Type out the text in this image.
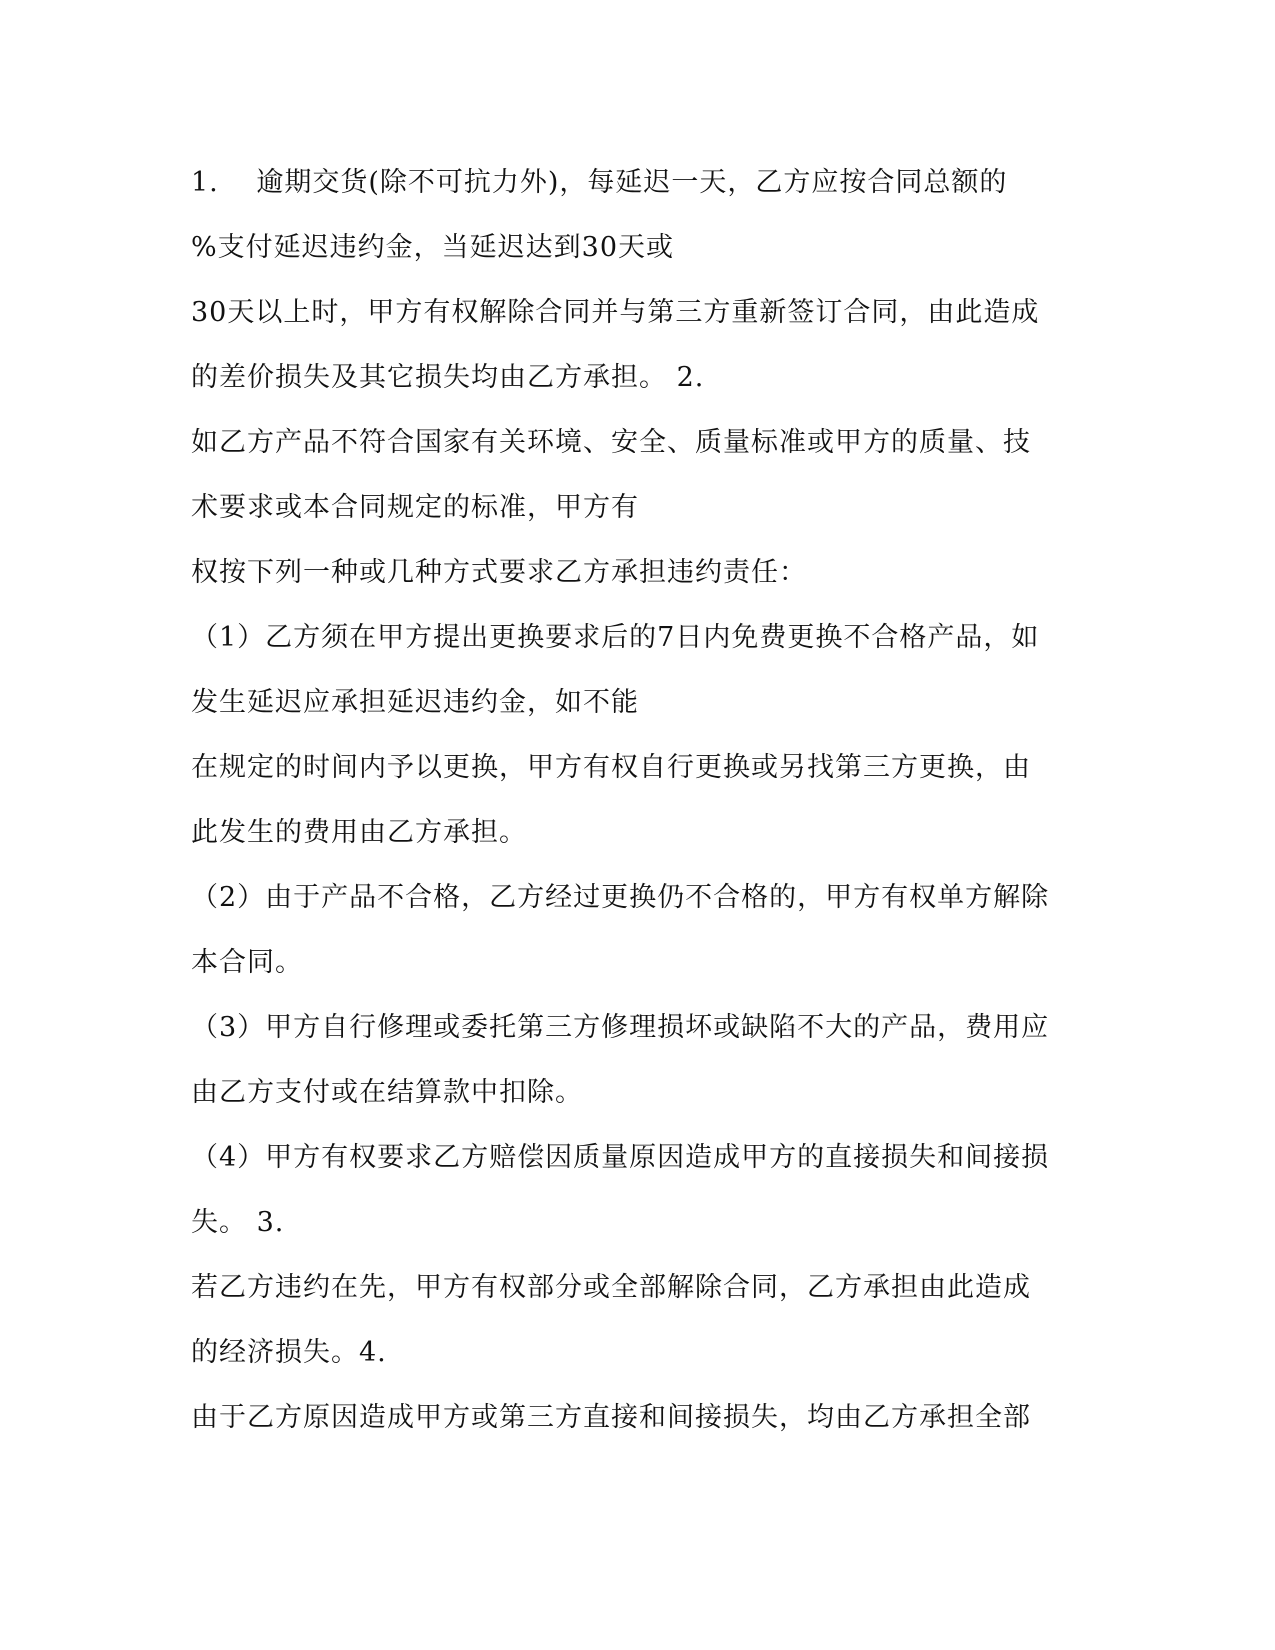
1.　 逾期交货(除不可抗力外)，每延迟一天，乙方应按合同总额的
%支付延迟违约金，当延迟达到30天或
30天以上时，甲方有权解除合同并与第三方重新签订合同，由此造成
的差价损失及其它损失均由乙方承担。 2.
如乙方产品不符合国家有关环境、安全、质量标准或甲方的质量、技
术要求或本合同规定的标准，甲方有
权按下列一种或几种方式要求乙方承担违约责任：
（1）乙方须在甲方提出更换要求后的7日内免费更换不合格产品，如
发生延迟应承担延迟违约金，如不能
在规定的时间内予以更换，甲方有权自行更换或另找第三方更换，由
此发生的费用由乙方承担。
（2）由于产品不合格，乙方经过更换仍不合格的，甲方有权单方解除
本合同。
（3）甲方自行修理或委托第三方修理损坏或缺陷不大的产品，费用应
由乙方支付或在结算款中扣除。
（4）甲方有权要求乙方赔偿因质量原因造成甲方的直接损失和间接损
失。 3.
若乙方违约在先，甲方有权部分或全部解除合同，乙方承担由此造成
的经济损失。4.
由于乙方原因造成甲方或第三方直接和间接损失，均由乙方承担全部
